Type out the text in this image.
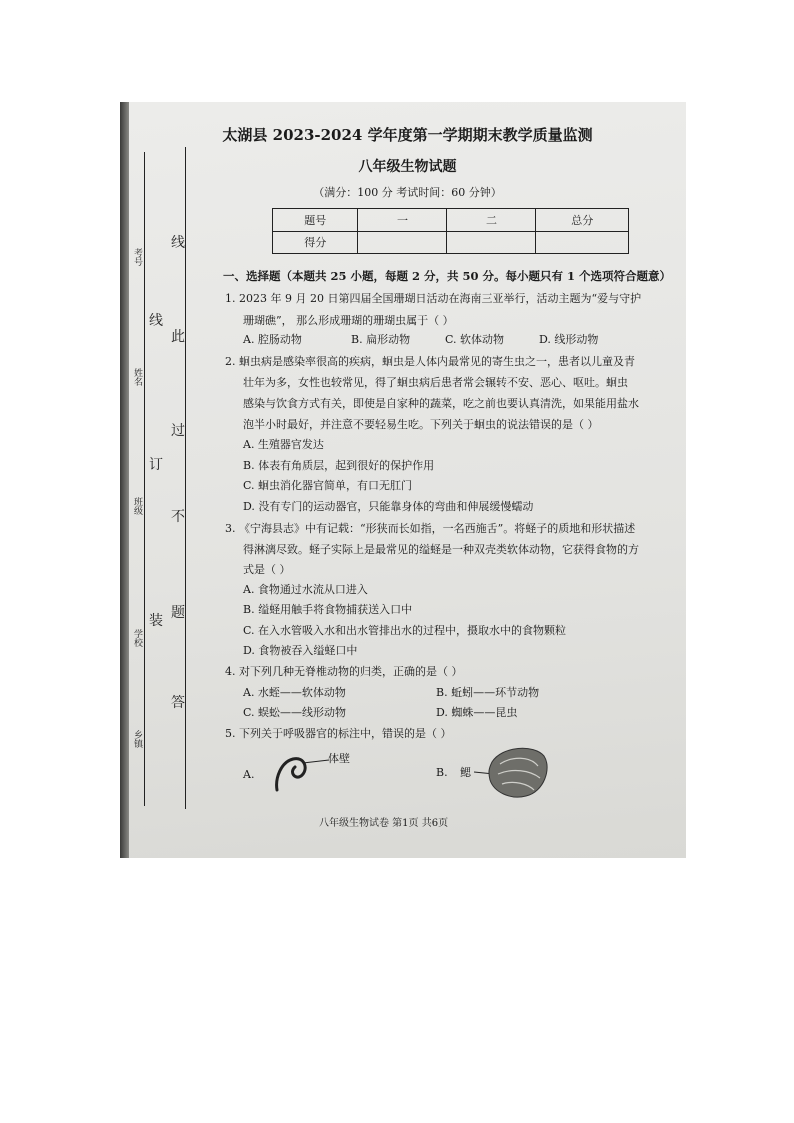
考号
姓名
班级
学校
乡镇
线
订
装
线
此
过
不
题
答
太湖县 2023-2024 学年度第一学期期末教学质量监测
八年级生物试题
（满分：100 分 考试时间：60 分钟）
题号	一	二	总分
得分			
一、选择题（本题共 25 小题，每题 2 分，共 50 分。每小题只有 1 个选项符合题意）
1. 2023 年 9 月 20 日第四届全国珊瑚日活动在海南三亚举行，活动主题为“爱与守护
珊瑚礁”， 那么形成珊瑚的珊瑚虫属于（ ）
A. 腔肠动物	B. 扁形动物	C. 软体动物	D. 线形动物
2. 蛔虫病是感染率很高的疾病，蛔虫是人体内最常见的寄生虫之一，患者以儿童及青
壮年为多，女性也较常见，得了蛔虫病后患者常会辗转不安、恶心、呕吐。蛔虫
感染与饮食方式有关，即使是自家种的蔬菜，吃之前也要认真清洗，如果能用盐水
泡半小时最好，并注意不要轻易生吃。下列关于蛔虫的说法错误的是（ ）
A. 生殖器官发达
B. 体表有角质层，起到很好的保护作用
C. 蛔虫消化器官简单，有口无肛门
D. 没有专门的运动器官，只能靠身体的弯曲和伸展缓慢蠕动
3. 《宁海县志》中有记载：“形狭而长如指，一名西施舌”。将蛏子的质地和形状描述
得淋漓尽致。蛏子实际上是最常见的缢蛏是一种双壳类软体动物，它获得食物的方
式是（ ）
A. 食物通过水流从口进入
B. 缢蛏用触手将食物捕获送入口中
C. 在入水管吸入水和出水管排出水的过程中，摄取水中的食物颗粒
D. 食物被吞入缢蛏口中
4. 对下列几种无脊椎动物的归类，正确的是（ ）
A. 水蛭——软体动物	B. 蚯蚓——环节动物
C. 蜈蚣——线形动物	D. 蜘蛛——昆虫
5. 下列关于呼吸器官的标注中，错误的是（ ）
A.
体壁
B. 鳃
八年级生物试卷 第1页 共6页
